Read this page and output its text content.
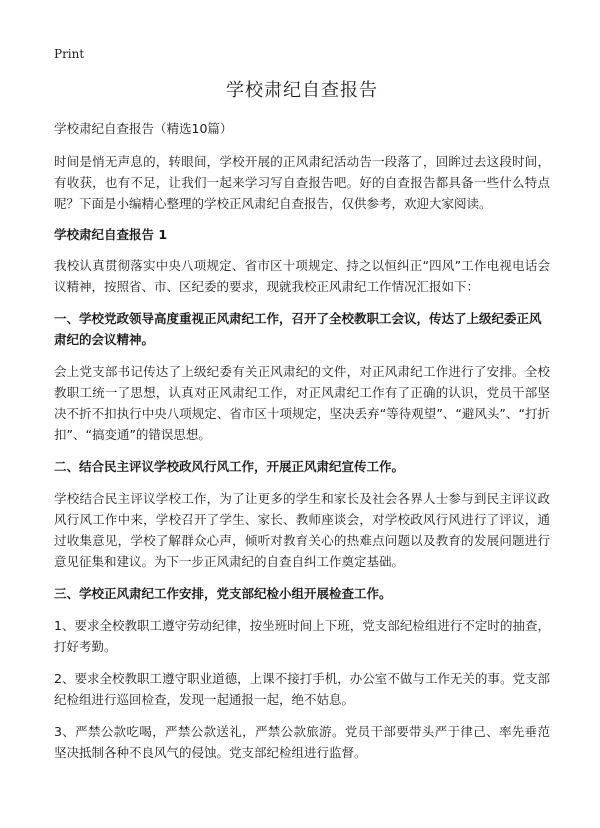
Print
学校肃纪自查报告

学校肃纪自查报告（精选10篇）

时间是悄无声息的，转眼间，学校开展的正风肃纪活动告一段落了，回眸过去这段时间，有收获，也有不足，让我们一起来学习写自查报告吧。好的自查报告都具备一些什么特点呢？下面是小编精心整理的学校正风肃纪自查报告，仅供参考，欢迎大家阅读。

学校肃纪自查报告 1

我校认真贯彻落实中央八项规定、省市区十项规定、持之以恒纠正“四风”工作电视电话会议精神，按照省、市、区纪委的要求，现就我校正风肃纪工作情况汇报如下：

一、学校党政领导高度重视正风肃纪工作，召开了全校教职工会议，传达了上级纪委正风肃纪的会议精神。

会上党支部书记传达了上级纪委有关正风肃纪的文件，对正风肃纪工作进行了安排。全校教职工统一了思想，认真对正风肃纪工作，对正风肃纪工作有了正确的认识，党员干部坚决不折不扣执行中央八项规定、省市区十项规定，坚决丢弃“等待观望”、“避风头”、“打折扣”、“搞变通”的错误思想。

二、结合民主评议学校政风行风工作，开展正风肃纪宣传工作。

学校结合民主评议学校工作，为了让更多的学生和家长及社会各界人士参与到民主评议政风行风工作中来，学校召开了学生、家长、教师座谈会，对学校政风行风进行了评议，通过收集意见，学校了解群众心声，倾听对教育关心的热难点问题以及教育的发展问题进行意见征集和建议。为下一步正风肃纪的自查自纠工作奠定基础。

三、学校正风肃纪工作安排，党支部纪检小组开展检查工作。

1、要求全校教职工遵守劳动纪律，按坐班时间上下班，党支部纪检组进行不定时的抽查，打好考勤。

2、要求全校教职工遵守职业道德，上课不接打手机，办公室不做与工作无关的事。党支部纪检组进行巡回检查，发现一起通报一起，绝不姑息。

3、严禁公款吃喝，严禁公款送礼，严禁公款旅游。党员干部要带头严于律己、率先垂范　坚决抵制各种不良风气的侵蚀。党支部纪检组进行监督。
